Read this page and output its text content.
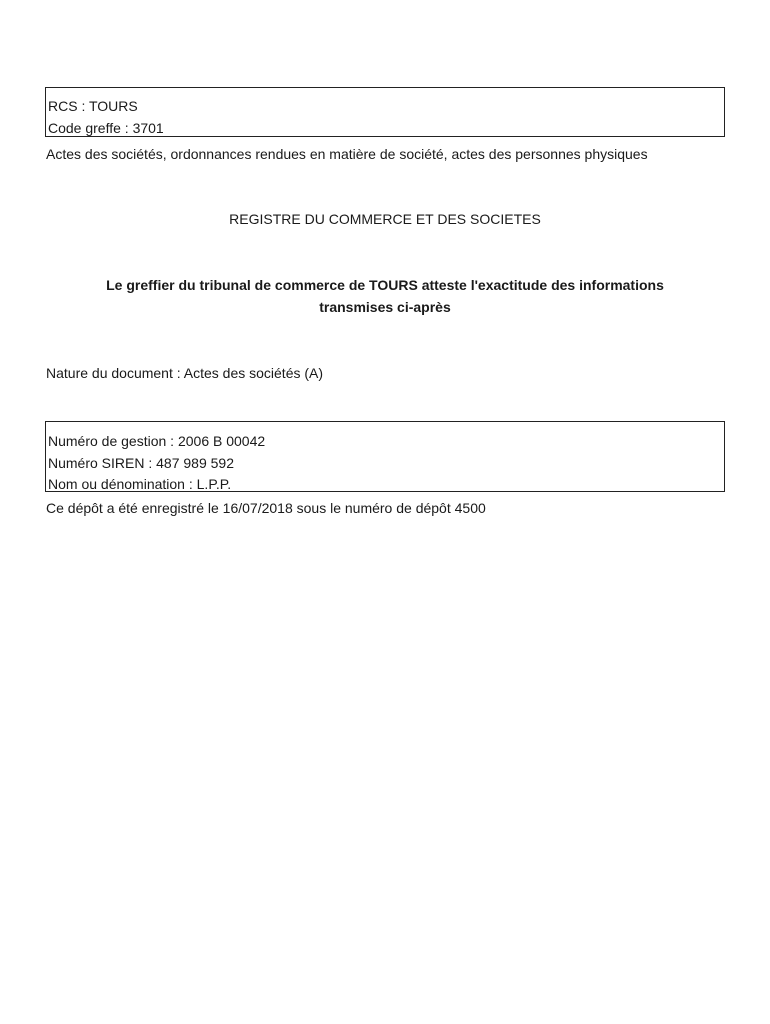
RCS : TOURS
Code greffe : 3701
Actes des sociétés, ordonnances rendues en matière de société, actes des personnes physiques
REGISTRE DU COMMERCE ET DES SOCIETES
Le greffier du tribunal de commerce de TOURS atteste l'exactitude des informations
transmises ci-après
Nature du document : Actes des sociétés (A)
Numéro de gestion : 2006 B 00042
Numéro SIREN : 487 989 592
Nom ou dénomination : L.P.P.
Ce dépôt a été enregistré le 16/07/2018 sous le numéro de dépôt 4500
